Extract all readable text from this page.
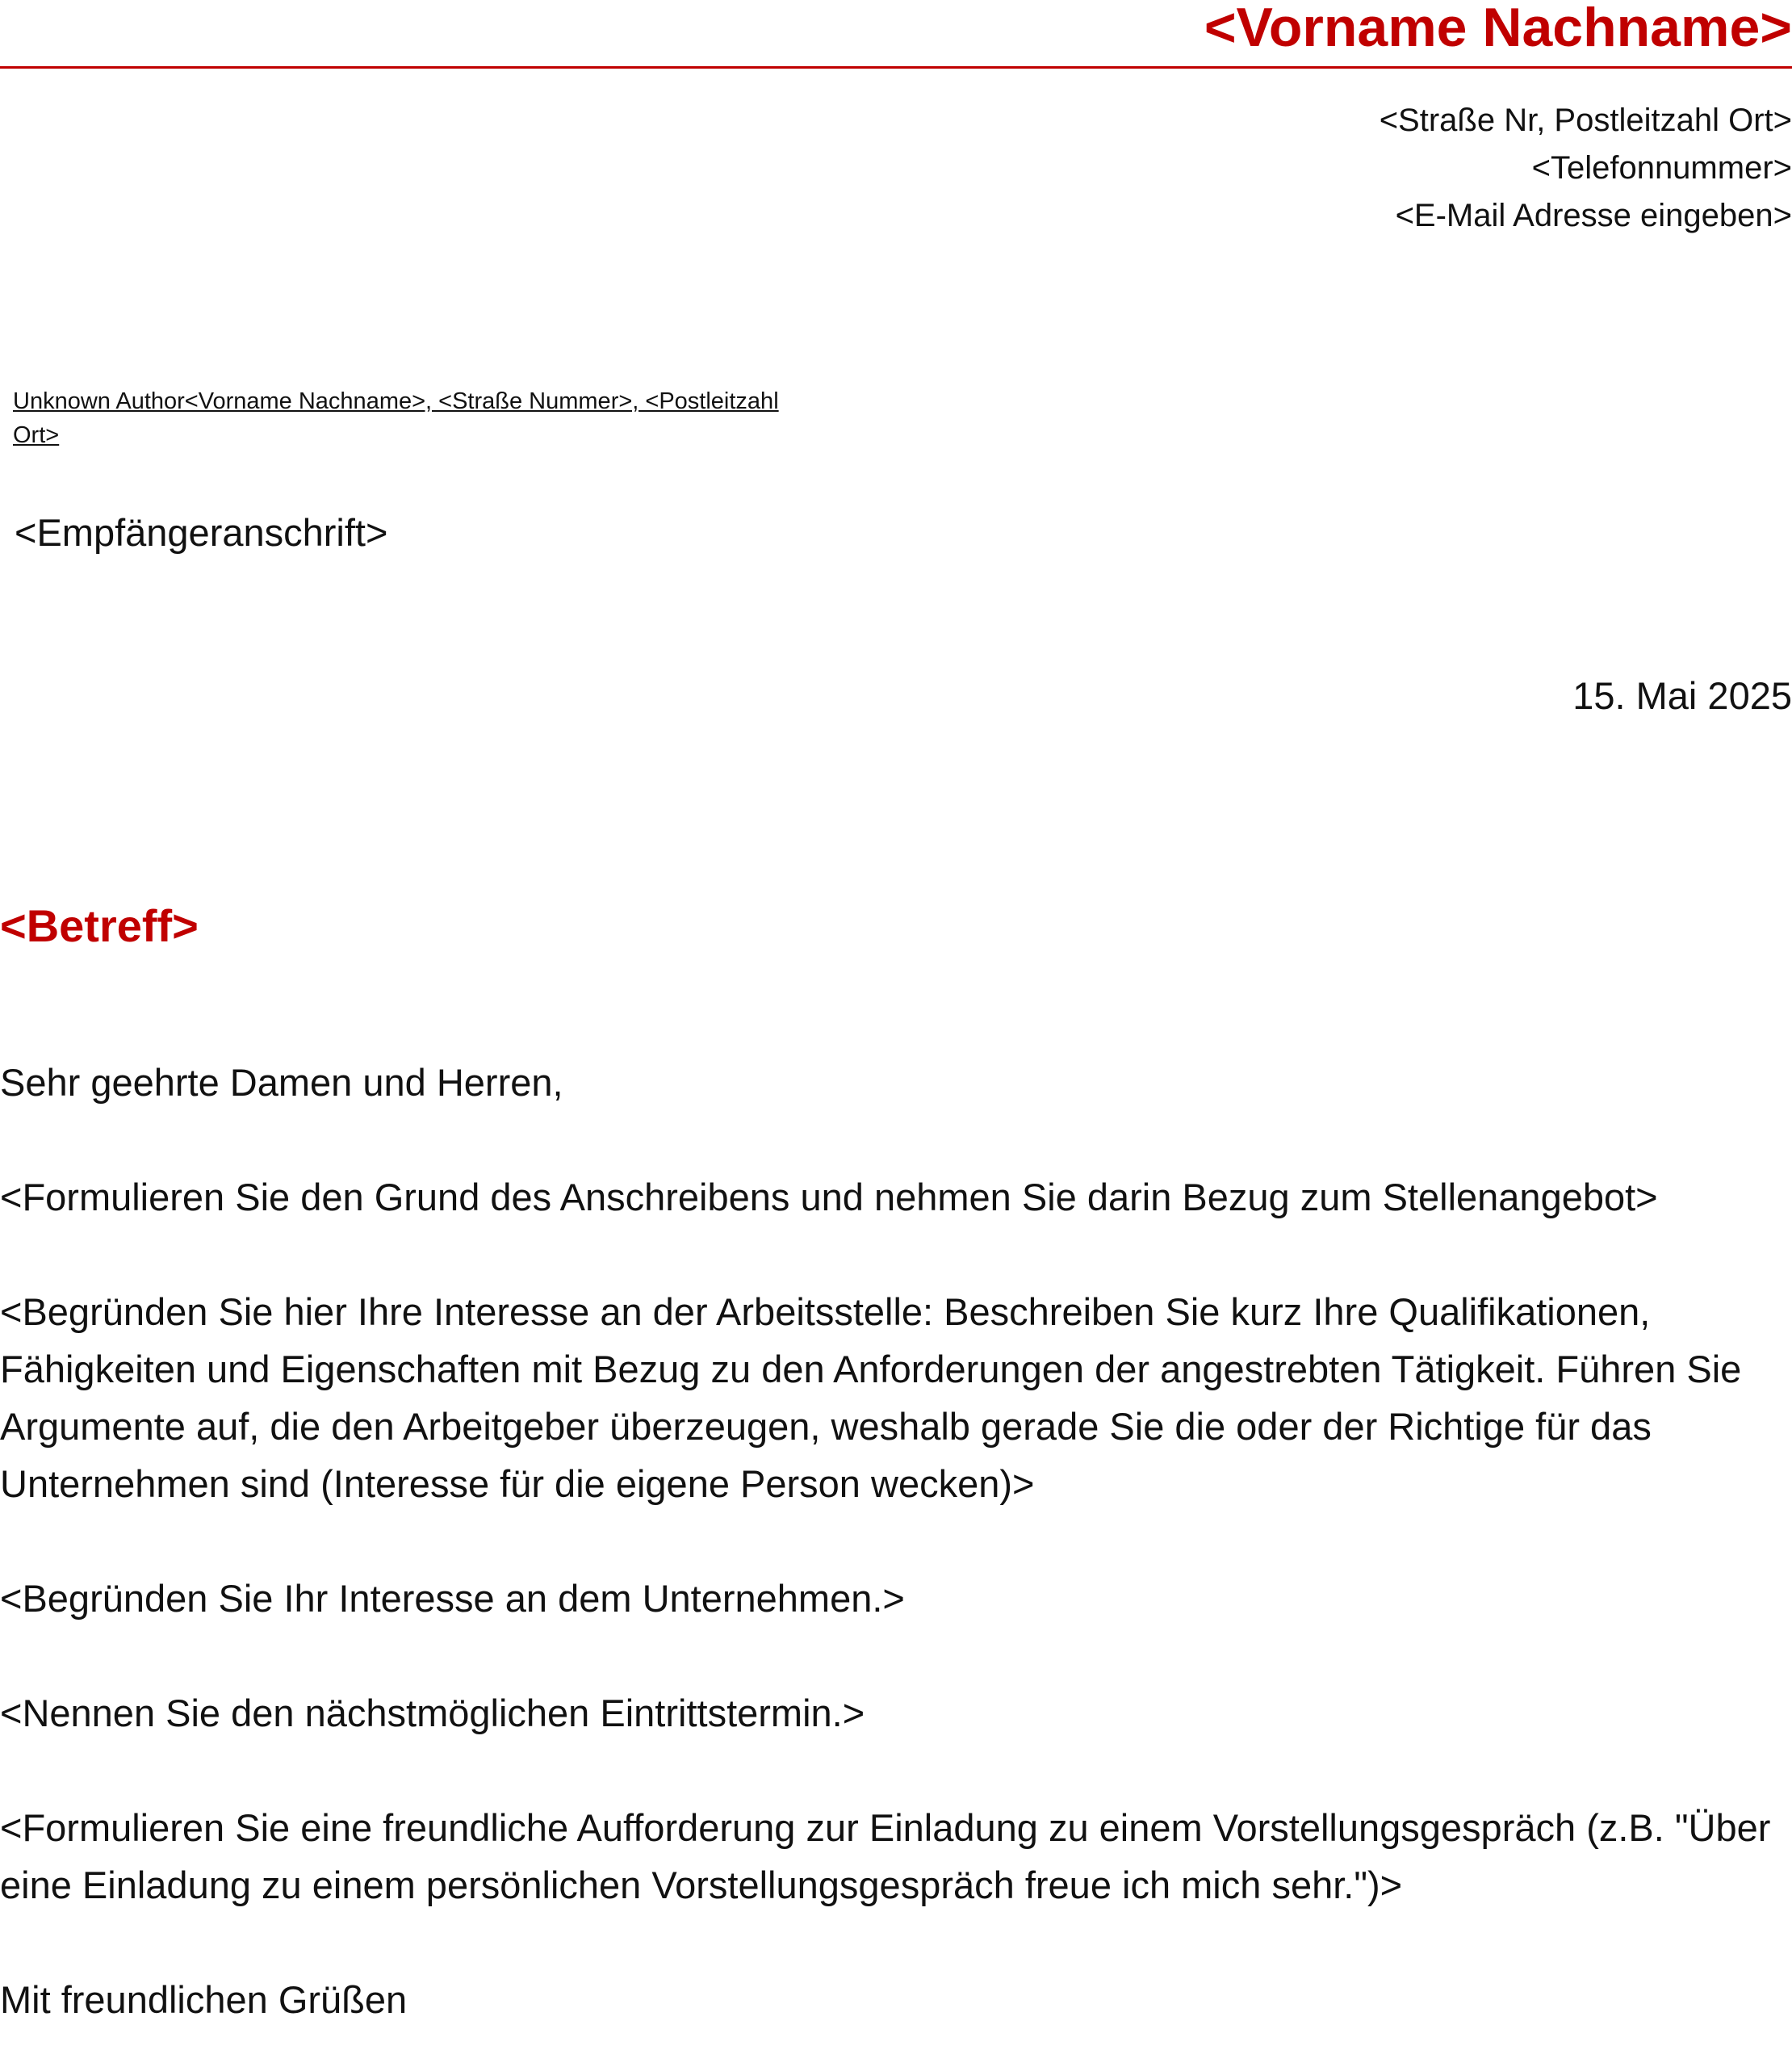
<Vorname Nachname>
<Straße Nr, Postleitzahl Ort>
<Telefonnummer>
<E-Mail Adresse eingeben>
Unknown Author<Vorname Nachname>, <Straße Nummer>, <Postleitzahl Ort>
<Empfängeranschrift>
15. Mai 2025
<Betreff>

Sehr geehrte Damen und Herren,

<Formulieren Sie den Grund des Anschreibens und nehmen Sie darin Bezug zum Stellenangebot>

<Begründen Sie hier Ihre Interesse an der Arbeitsstelle: Beschreiben Sie kurz Ihre Qualifikationen, Fähigkeiten und Eigenschaften mit Bezug zu den Anforderungen der angestrebten Tätigkeit. Führen Sie Argumente auf, die den Arbeitgeber überzeugen, weshalb gerade Sie die oder der Richtige für das Unternehmen sind (Interesse für die eigene Person wecken)>

<Begründen Sie Ihr Interesse an dem Unternehmen.>

<Nennen Sie den nächstmöglichen Eintrittstermin.>

<Formulieren Sie eine freundliche Aufforderung zur Einladung zu einem Vorstellungsgespräch (z.B. "Über eine Einladung zu einem persönlichen Vorstellungsgespräch freue ich mich sehr.")>

Mit freundlichen Grüßen
